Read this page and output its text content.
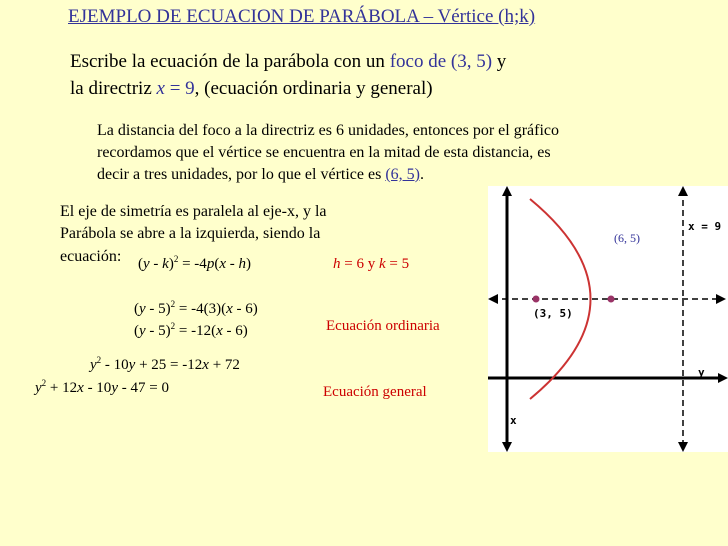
EJEMPLO DE ECUACION DE PARÁBOLA – Vértice (h;k)
Escribe la ecuación de la parábola con un foco de (3, 5) y
la directriz x = 9, (ecuación ordinaria y general)
La distancia del foco a la directriz es 6 unidades, entonces por el gráfico
recordamos que el vértice se encuentra en la mitad de esta distancia, es
decir a tres unidades, por lo que el vértice es (6, 5).
El eje de simetría es paralela al eje-x, y la
Parábola se abre a la izquierda, siendo la
ecuación: (y - k)$^2$ = -4p(x - h)	h = 6 y k = 5
(y - 5)$^2$ = -4(3)(x - 6)
(y - 5)$^2$ = -12(x - 6)	Ecuación ordinaria
$y^2 - 10y + 25 = -12x + 72$
$y^2 + 12x - 10y - 47 = 0$	Ecuación general
x = 9
(6, 5)
(3, 5)
y
x
